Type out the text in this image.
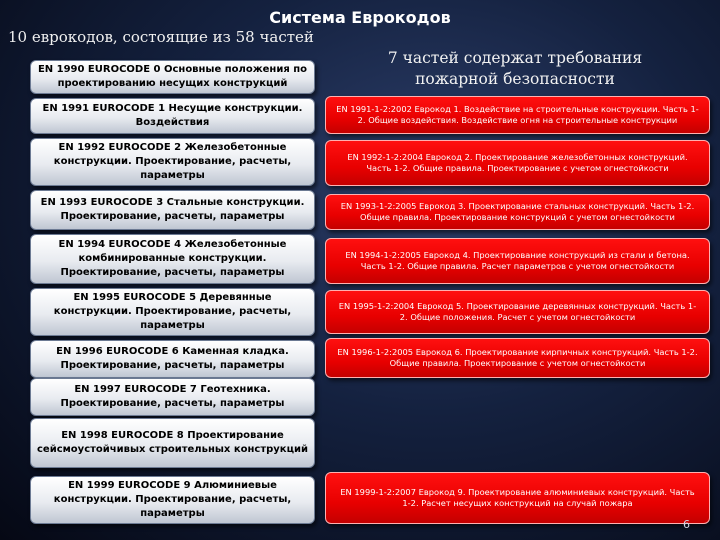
Система Еврокодов
10 еврокодов, состоящие из 58 частей
7 частей содержат требования пожарной безопасности
EN 1990 EUROCODE 0 Основные положения по проектированию несущих конструкций
EN 1991 EUROCODE 1 Несущие конструкции. Воздействия
EN 1992 EUROCODE 2 Железобетонные конструкции. Проектирование, расчеты, параметры
EN 1993 EUROCODE 3 Стальные конструкции. Проектирование, расчеты, параметры
EN 1994 EUROCODE 4 Железобетонные комбинированные конструкции. Проектирование, расчеты, параметры
EN 1995 EUROCODE 5 Деревянные конструкции. Проектирование, расчеты, параметры
EN 1996 EUROCODE 6 Каменная кладка. Проектирование, расчеты, параметры
EN 1997 EUROCODE 7 Геотехника. Проектирование, расчеты, параметры
EN 1998 EUROCODE 8 Проектирование сейсмоустойчивых строительных конструкций
EN 1999 EUROCODE 9 Алюминиевые конструкции. Проектирование, расчеты, параметры
EN 1991-1-2:2002 Еврокод 1. Воздействие на строительные конструкции. Часть 1-2. Общие воздействия. Воздействие огня на строительные конструкции
EN 1992-1-2:2004 Еврокод 2. Проектирование железобетонных конструкций. Часть 1-2. Общие правила. Проектирование с учетом огнестойкости
EN 1993-1-2:2005 Еврокод 3. Проектирование стальных конструкций. Часть 1-2. Общие правила. Проектирование конструкций с учетом огнестойкости
EN 1994-1-2:2005 Еврокод 4. Проектирование конструкций из стали и бетона. Часть 1-2. Общие правила. Расчет параметров с учетом огнестойкости
EN 1995-1-2:2004 Еврокод 5. Проектирование деревянных конструкций. Часть 1-2. Общие положения. Расчет с учетом огнестойкости
EN 1996-1-2:2005 Еврокод 6. Проектирование кирпичных конструкций. Часть 1-2. Общие правила. Проектирование с учетом огнестойкости
EN 1999-1-2:2007 Еврокод 9. Проектирование алюминиевых конструкций. Часть 1-2. Расчет несущих конструкций на случай пожара
6
